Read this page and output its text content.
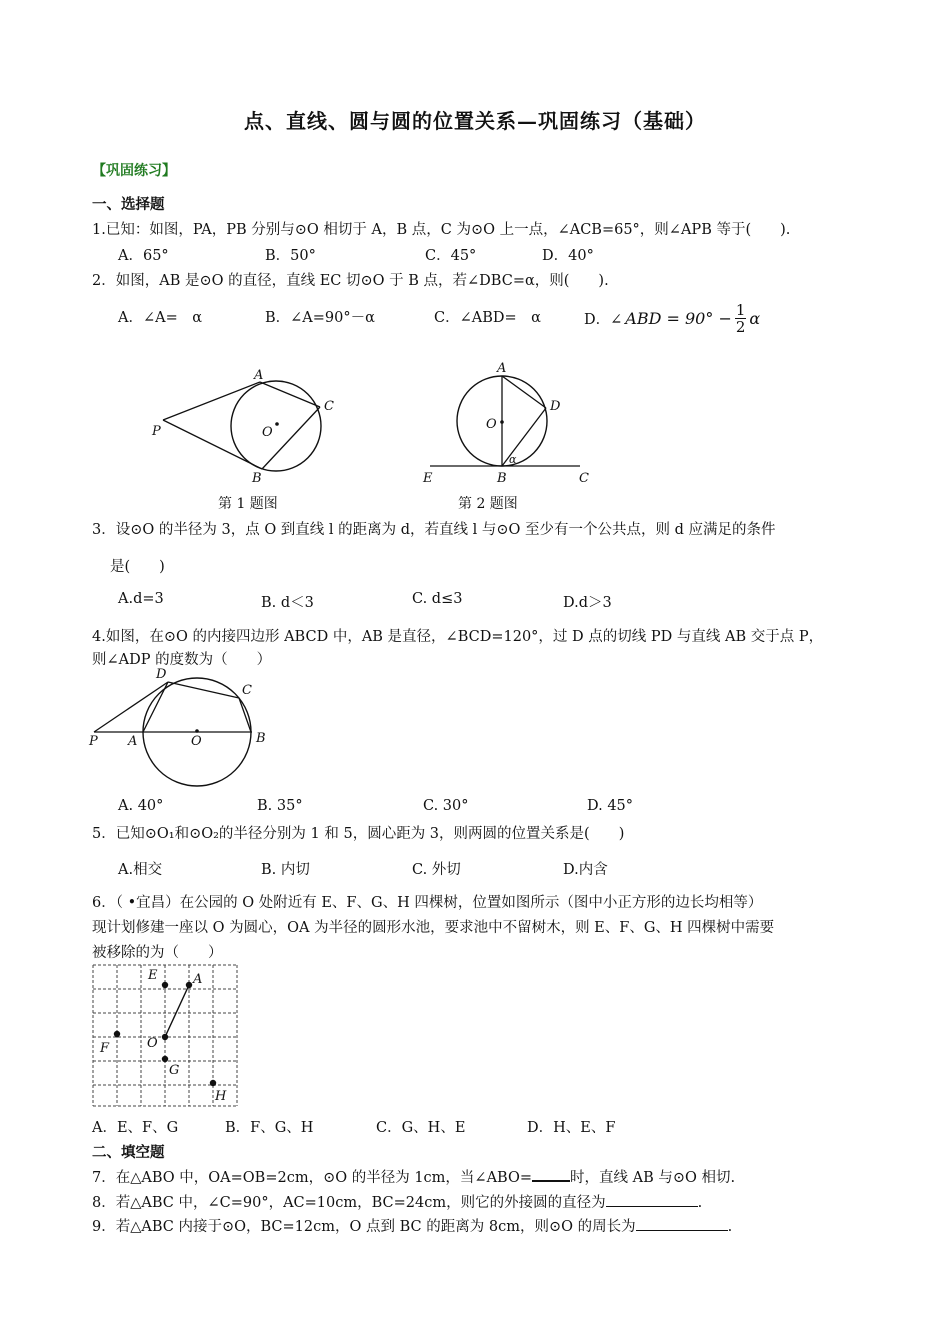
点、直线、圆与圆的位置关系—巩固练习（基础）
【巩固练习】
一、选择题
1.已知：如图，PA，PB 分别与⊙O 相切于 A，B 点，C 为⊙O 上一点，∠ACB=65°，则∠APB 等于(　　).
A．65°	B．50°	C．45°	D．40°
2．如图，AB 是⊙O 的直径，直线 EC 切⊙O 于 B 点，若∠DBC=α，则(　　).
A．∠A=　α	B．∠A=90°－α	C．∠ABD=　α	D．∠ ABD = $90^\circ - \frac{1}{2}$ α
A
C
O
P
B
第 1 题图
A
D
O
E	B	C
α
第 2 题图
3．设⊙O 的半径为 3，点 O 到直线 l 的距离为 d，若直线 l 与⊙O 至少有一个公共点，则 d 应满足的条件
是(　　)
A.d=3	B. d＜3	C. d≤3	D.d＞3
4.如图，在⊙O 的内接四边形 ABCD 中，AB 是直径，∠BCD=120°，过 D 点的切线 PD 与直线 AB 交于点 P，
则∠ADP 的度数为（　　）
D
C
P A	O	B
A. 40°	B. 35°	C. 30°	D. 45°
5．已知⊙O₁和⊙O₂的半径分别为 1 和 5，圆心距为 3，则两圆的位置关系是(　　)
A.相交	B. 内切	C. 外切	D.内含
6．（ •宜昌）在公园的 O 处附近有 E、F、G、H 四棵树，位置如图所示（图中小正方形的边长均相等）
现计划修建一座以 O 为圆心，OA 为半径的圆形水池，要求池中不留树木，则 E、F、G、H 四棵树中需要
被移除的为（　　）
E	A
O
F
G
H
A．E、F、G	B．F、G、H	C．G、H、E	D．H、E、F
二、填空题
7．在△ABO 中，OA=OB=2cm，⊙O 的半径为 1cm，当∠ABO=	时，直线 AB 与⊙O 相切.
8．若△ABC 中，∠C=90°，AC=10cm，BC=24cm，则它的外接圆的直径为	.
9．若△ABC 内接于⊙O，BC=12cm，O 点到 BC 的距离为 8cm，则⊙O 的周长为	.
